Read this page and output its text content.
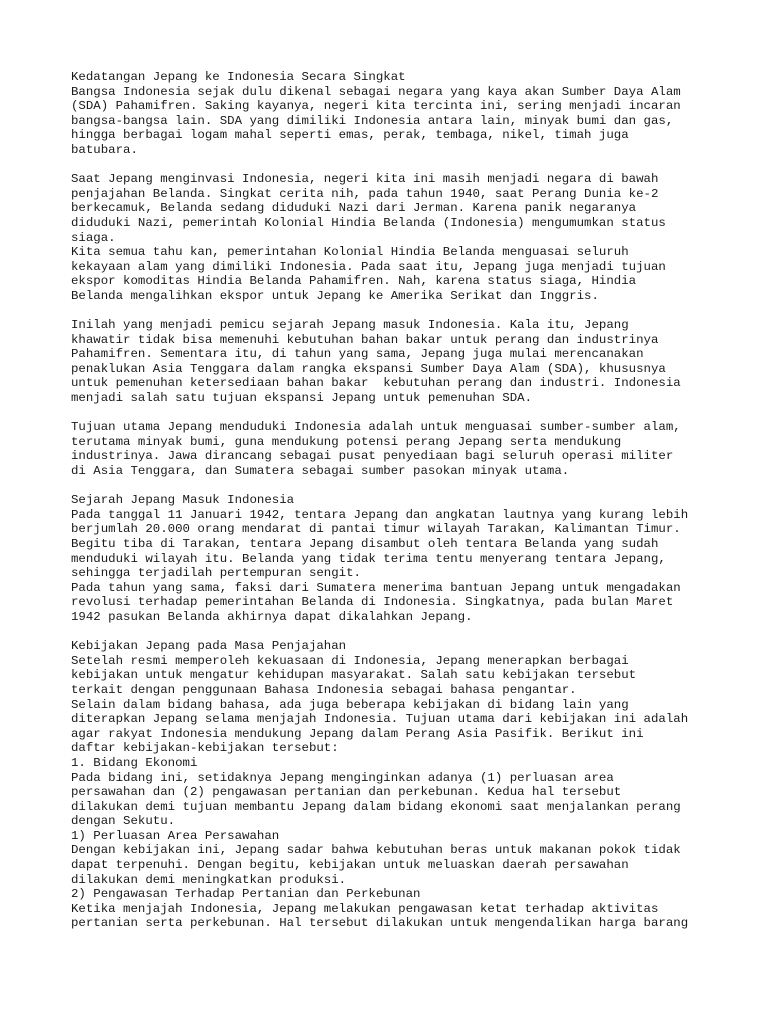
Kedatangan Jepang ke Indonesia Secara Singkat
Bangsa Indonesia sejak dulu dikenal sebagai negara yang kaya akan Sumber Daya Alam
(SDA) Pahamifren. Saking kayanya, negeri kita tercinta ini, sering menjadi incaran
bangsa-bangsa lain. SDA yang dimiliki Indonesia antara lain, minyak bumi dan gas,
hingga berbagai logam mahal seperti emas, perak, tembaga, nikel, timah juga
batubara.
Saat Jepang menginvasi Indonesia, negeri kita ini masih menjadi negara di bawah
penjajahan Belanda. Singkat cerita nih, pada tahun 1940, saat Perang Dunia ke-2
berkecamuk, Belanda sedang diduduki Nazi dari Jerman. Karena panik negaranya
diduduki Nazi, pemerintah Kolonial Hindia Belanda (Indonesia) mengumumkan status
siaga.
Kita semua tahu kan, pemerintahan Kolonial Hindia Belanda menguasai seluruh
kekayaan alam yang dimiliki Indonesia. Pada saat itu, Jepang juga menjadi tujuan
ekspor komoditas Hindia Belanda Pahamifren. Nah, karena status siaga, Hindia
Belanda mengalihkan ekspor untuk Jepang ke Amerika Serikat dan Inggris.
Inilah yang menjadi pemicu sejarah Jepang masuk Indonesia. Kala itu, Jepang
khawatir tidak bisa memenuhi kebutuhan bahan bakar untuk perang dan industrinya
Pahamifren. Sementara itu, di tahun yang sama, Jepang juga mulai merencanakan
penaklukan Asia Tenggara dalam rangka ekspansi Sumber Daya Alam (SDA), khususnya
untuk pemenuhan ketersediaan bahan bakar  kebutuhan perang dan industri. Indonesia
menjadi salah satu tujuan ekspansi Jepang untuk pemenuhan SDA.
Tujuan utama Jepang menduduki Indonesia adalah untuk menguasai sumber-sumber alam,
terutama minyak bumi, guna mendukung potensi perang Jepang serta mendukung
industrinya. Jawa dirancang sebagai pusat penyediaan bagi seluruh operasi militer
di Asia Tenggara, dan Sumatera sebagai sumber pasokan minyak utama.
Sejarah Jepang Masuk Indonesia
Pada tanggal 11 Januari 1942, tentara Jepang dan angkatan lautnya yang kurang lebih
berjumlah 20.000 orang mendarat di pantai timur wilayah Tarakan, Kalimantan Timur.
Begitu tiba di Tarakan, tentara Jepang disambut oleh tentara Belanda yang sudah
menduduki wilayah itu. Belanda yang tidak terima tentu menyerang tentara Jepang,
sehingga terjadilah pertempuran sengit.
Pada tahun yang sama, faksi dari Sumatera menerima bantuan Jepang untuk mengadakan
revolusi terhadap pemerintahan Belanda di Indonesia. Singkatnya, pada bulan Maret
1942 pasukan Belanda akhirnya dapat dikalahkan Jepang.
Kebijakan Jepang pada Masa Penjajahan
Setelah resmi memperoleh kekuasaan di Indonesia, Jepang menerapkan berbagai
kebijakan untuk mengatur kehidupan masyarakat. Salah satu kebijakan tersebut
terkait dengan penggunaan Bahasa Indonesia sebagai bahasa pengantar.
Selain dalam bidang bahasa, ada juga beberapa kebijakan di bidang lain yang
diterapkan Jepang selama menjajah Indonesia. Tujuan utama dari kebijakan ini adalah
agar rakyat Indonesia mendukung Jepang dalam Perang Asia Pasifik. Berikut ini
daftar kebijakan-kebijakan tersebut:
1. Bidang Ekonomi
Pada bidang ini, setidaknya Jepang menginginkan adanya (1) perluasan area
persawahan dan (2) pengawasan pertanian dan perkebunan. Kedua hal tersebut
dilakukan demi tujuan membantu Jepang dalam bidang ekonomi saat menjalankan perang
dengan Sekutu.
1) Perluasan Area Persawahan
Dengan kebijakan ini, Jepang sadar bahwa kebutuhan beras untuk makanan pokok tidak
dapat terpenuhi. Dengan begitu, kebijakan untuk meluaskan daerah persawahan
dilakukan demi meningkatkan produksi.
2) Pengawasan Terhadap Pertanian dan Perkebunan
Ketika menjajah Indonesia, Jepang melakukan pengawasan ketat terhadap aktivitas
pertanian serta perkebunan. Hal tersebut dilakukan untuk mengendalikan harga barang
